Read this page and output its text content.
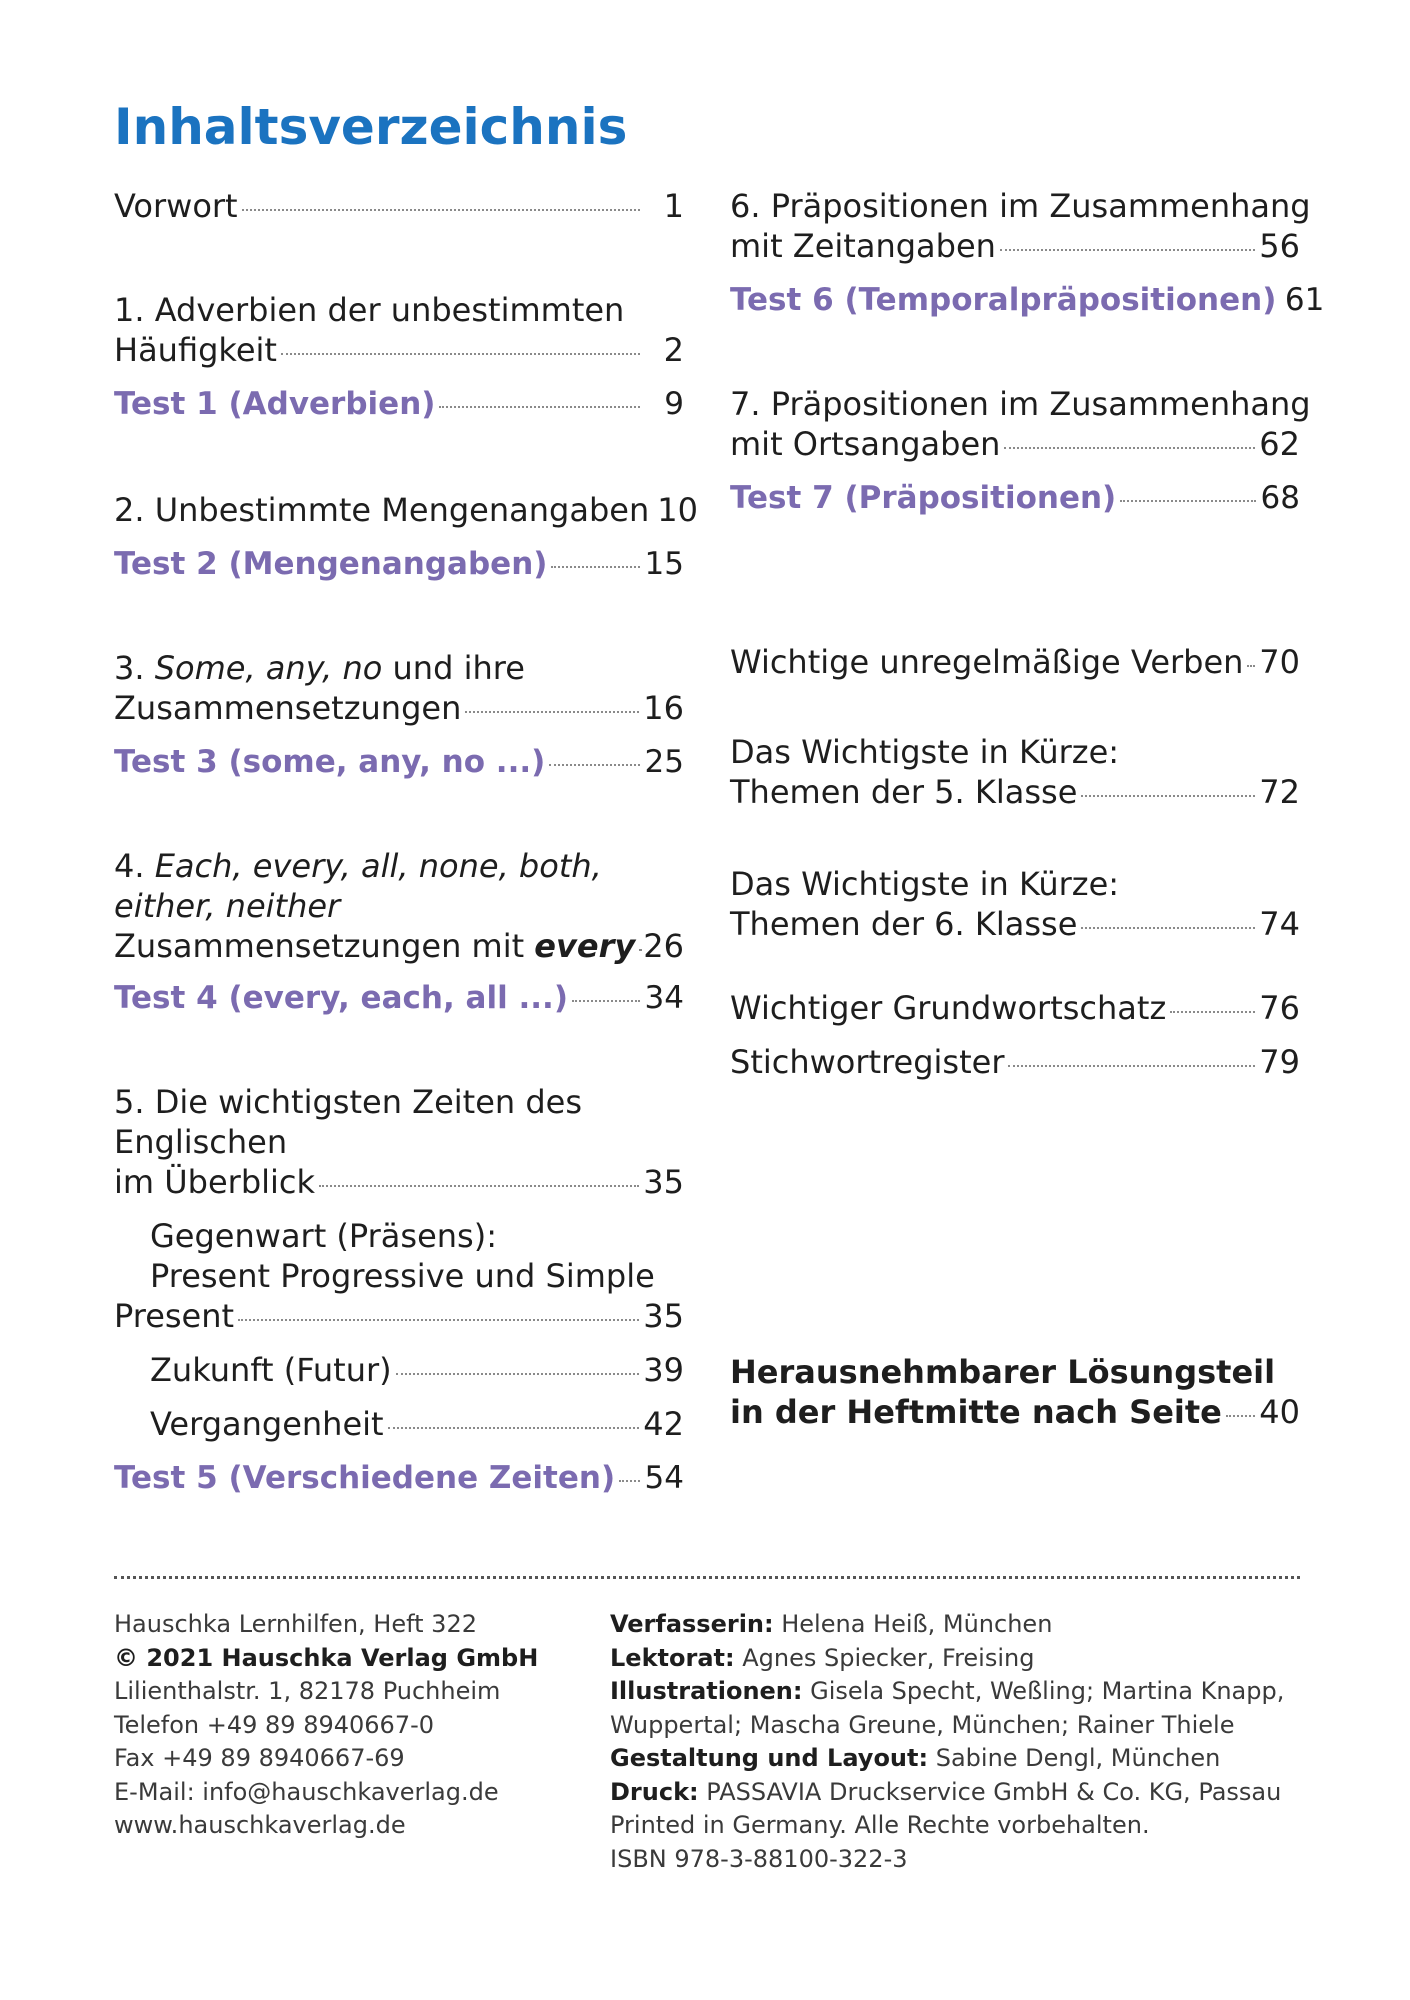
Inhaltsverzeichnis
Vorwort	1
1. Adverbien der unbestimmten
Häufigkeit	2
Test 1 (Adverbien)	9
2. Unbestimmte Mengenangaben 10
Test 2 (Mengenangaben)	15
3. Some, any, no und ihre
Zusammensetzungen	16
Test 3 (some, any, no ...)	25
4. Each, every, all, none, both,
either, neither
Zusammensetzungen mit every 26
Test 4 (every, each, all ...) 34
5. Die wichtigsten Zeiten des
Englischen
im Überblick	35
Gegenwart (Präsens):
Present Progressive und Simple
Present	35
Zukunft (Futur)	39
Vergangenheit	42
Test 5 (Verschiedene Zeiten) 54
6. Präpositionen im Zusammenhang
mit Zeitangaben	56
Test 6 (Temporalpräpositionen) 61
7. Präpositionen im Zusammenhang
mit Ortsangaben	62
Test 7 (Präpositionen)	68
Wichtige unregelmäßige Verben 70
Das Wichtigste in Kürze:
Themen der 5. Klasse	72
Das Wichtigste in Kürze:
Themen der 6. Klasse	74
Wichtiger Grundwortschatz	76
Stichwortregister	79
Herausnehmbarer Lösungsteil
in der Heftmitte nach Seite 40
Hauschka Lernhilfen, Heft 322
© 2021 Hauschka Verlag GmbH
Lilienthalstr. 1, 82178 Puchheim
Telefon +49 89 8940667-0
Fax +49 89 8940667-69
E-Mail: info@hauschkaverlag.de
www.hauschkaverlag.de
Verfasserin: Helena Heiß, München
Lektorat: Agnes Spiecker, Freising
Illustrationen: Gisela Specht, Weßling; Martina Knapp,
Wuppertal; Mascha Greune, München; Rainer Thiele
Gestaltung und Layout: Sabine Dengl, München
Druck: PASSAVIA Druckservice GmbH & Co. KG, Passau
Printed in Germany. Alle Rechte vorbehalten.
ISBN 978-3-88100-322-3
